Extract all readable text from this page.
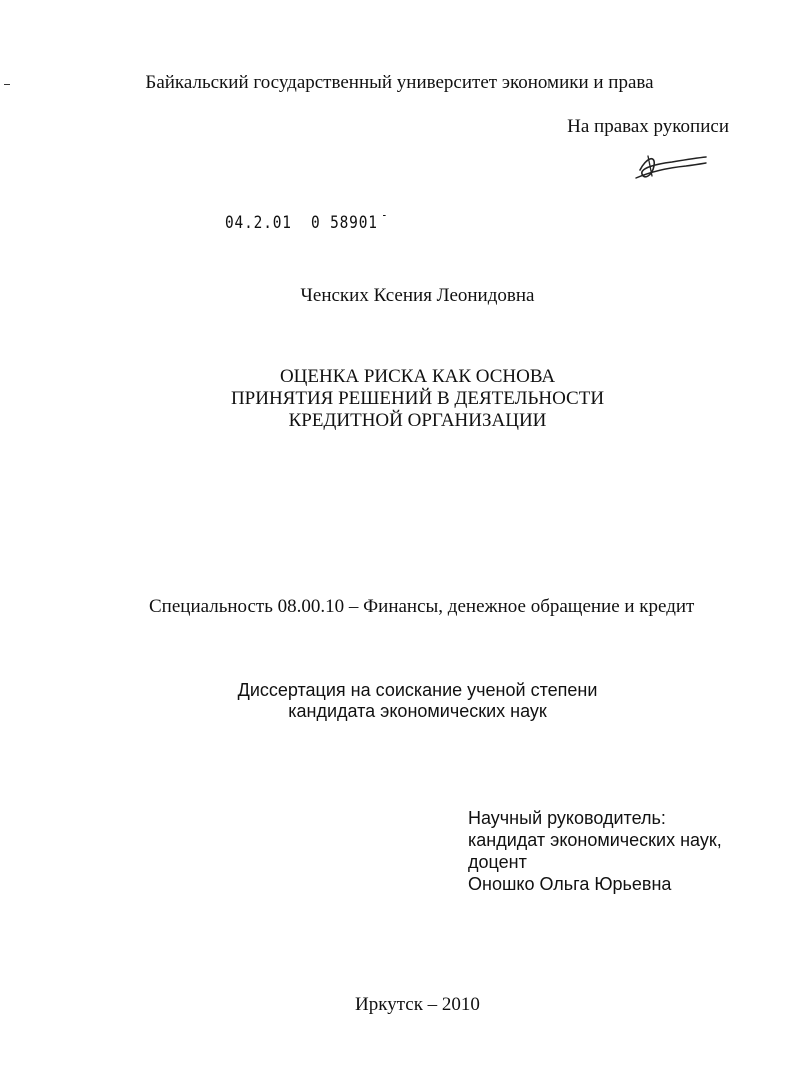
Байкальский государственный университет экономики и права
На правах рукописи
04.2.01 0 58901 -
Ченских Ксения Леонидовна
ОЦЕНКА РИСКА КАК ОСНОВА
ПРИНЯТИЯ РЕШЕНИЙ В ДЕЯТЕЛЬНОСТИ
КРЕДИТНОЙ ОРГАНИЗАЦИИ
Специальность 08.00.10 – Финансы, денежное обращение и кредит
Диссертация на соискание ученой степени
кандидата экономических наук
Научный руководитель:
кандидат экономических наук,
доцент
Оношко Ольга Юрьевна
Иркутск – 2010
